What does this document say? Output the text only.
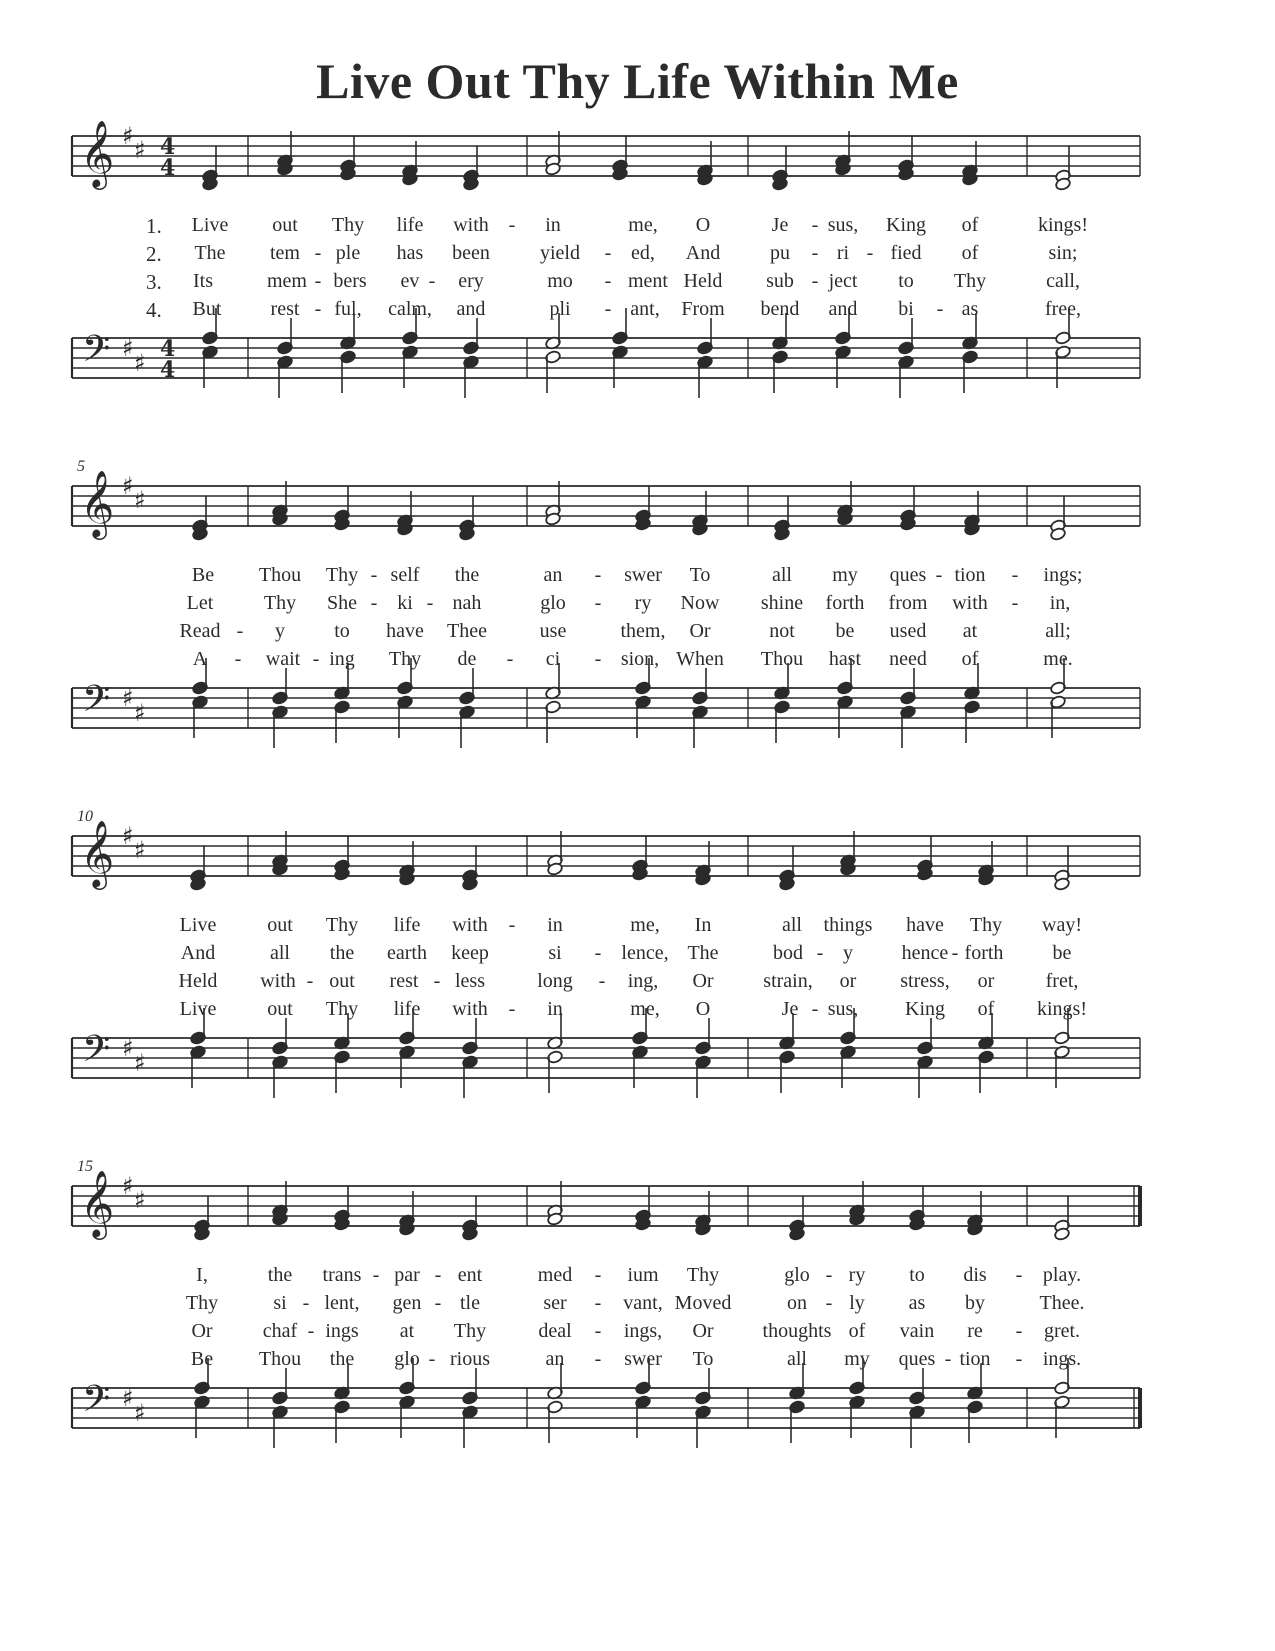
Live Out Thy Life Within Me
𝄞
𝄢
♯ ♯
♯
♯
4
4
4
4
1. Live out Thy life with - in	me, O	Je - sus, King of	kings!
2. The tem - ple has been	yield - ed, And pu - ri - fied of	sin;
3. Its	mem - bers ev - ery	mo - ment Held sub - ject to Thy	call,
4. But rest - ful, calm, and	pli - ant, From bend and bi - as	free,
𝄞
𝄢
♯ ♯
♯
♯
5
Be Thou Thy - self the	an - swer To	all my ques - tion - ings;
Let	Thy She - ki - nah	glo - ry Now shine forth from with - in,
Read - y to have Thee	use	them, Or	not be used at	all;
A - wait - ing Thy de - ci - sion, When Thou hast need of	me.
𝄞
𝄢
♯ ♯
♯
♯
10
Live	out Thy life with - in	me, In	all things have Thy way!
And	all the earth keep	si - lence, The	bod - y hence - forth be
Held with - out rest - less	long - ing, Or strain, or stress, or	fret,
Live	out Thy life with - in	me, O	Je - sus, King of kings!
𝄞
𝄢
♯ ♯
♯
♯
15
I,	the trans - par - ent	med - ium Thy	glo - ry to dis - play.
Thy	si - lent, gen - tle	ser - vant, Moved	on - ly as by	Thee.
Or	chaf - ings at Thy	deal - ings, Or thoughts of vain re - gret.
Be Thou the glo - rious	an - swer To	all my ques - tion - ings.
